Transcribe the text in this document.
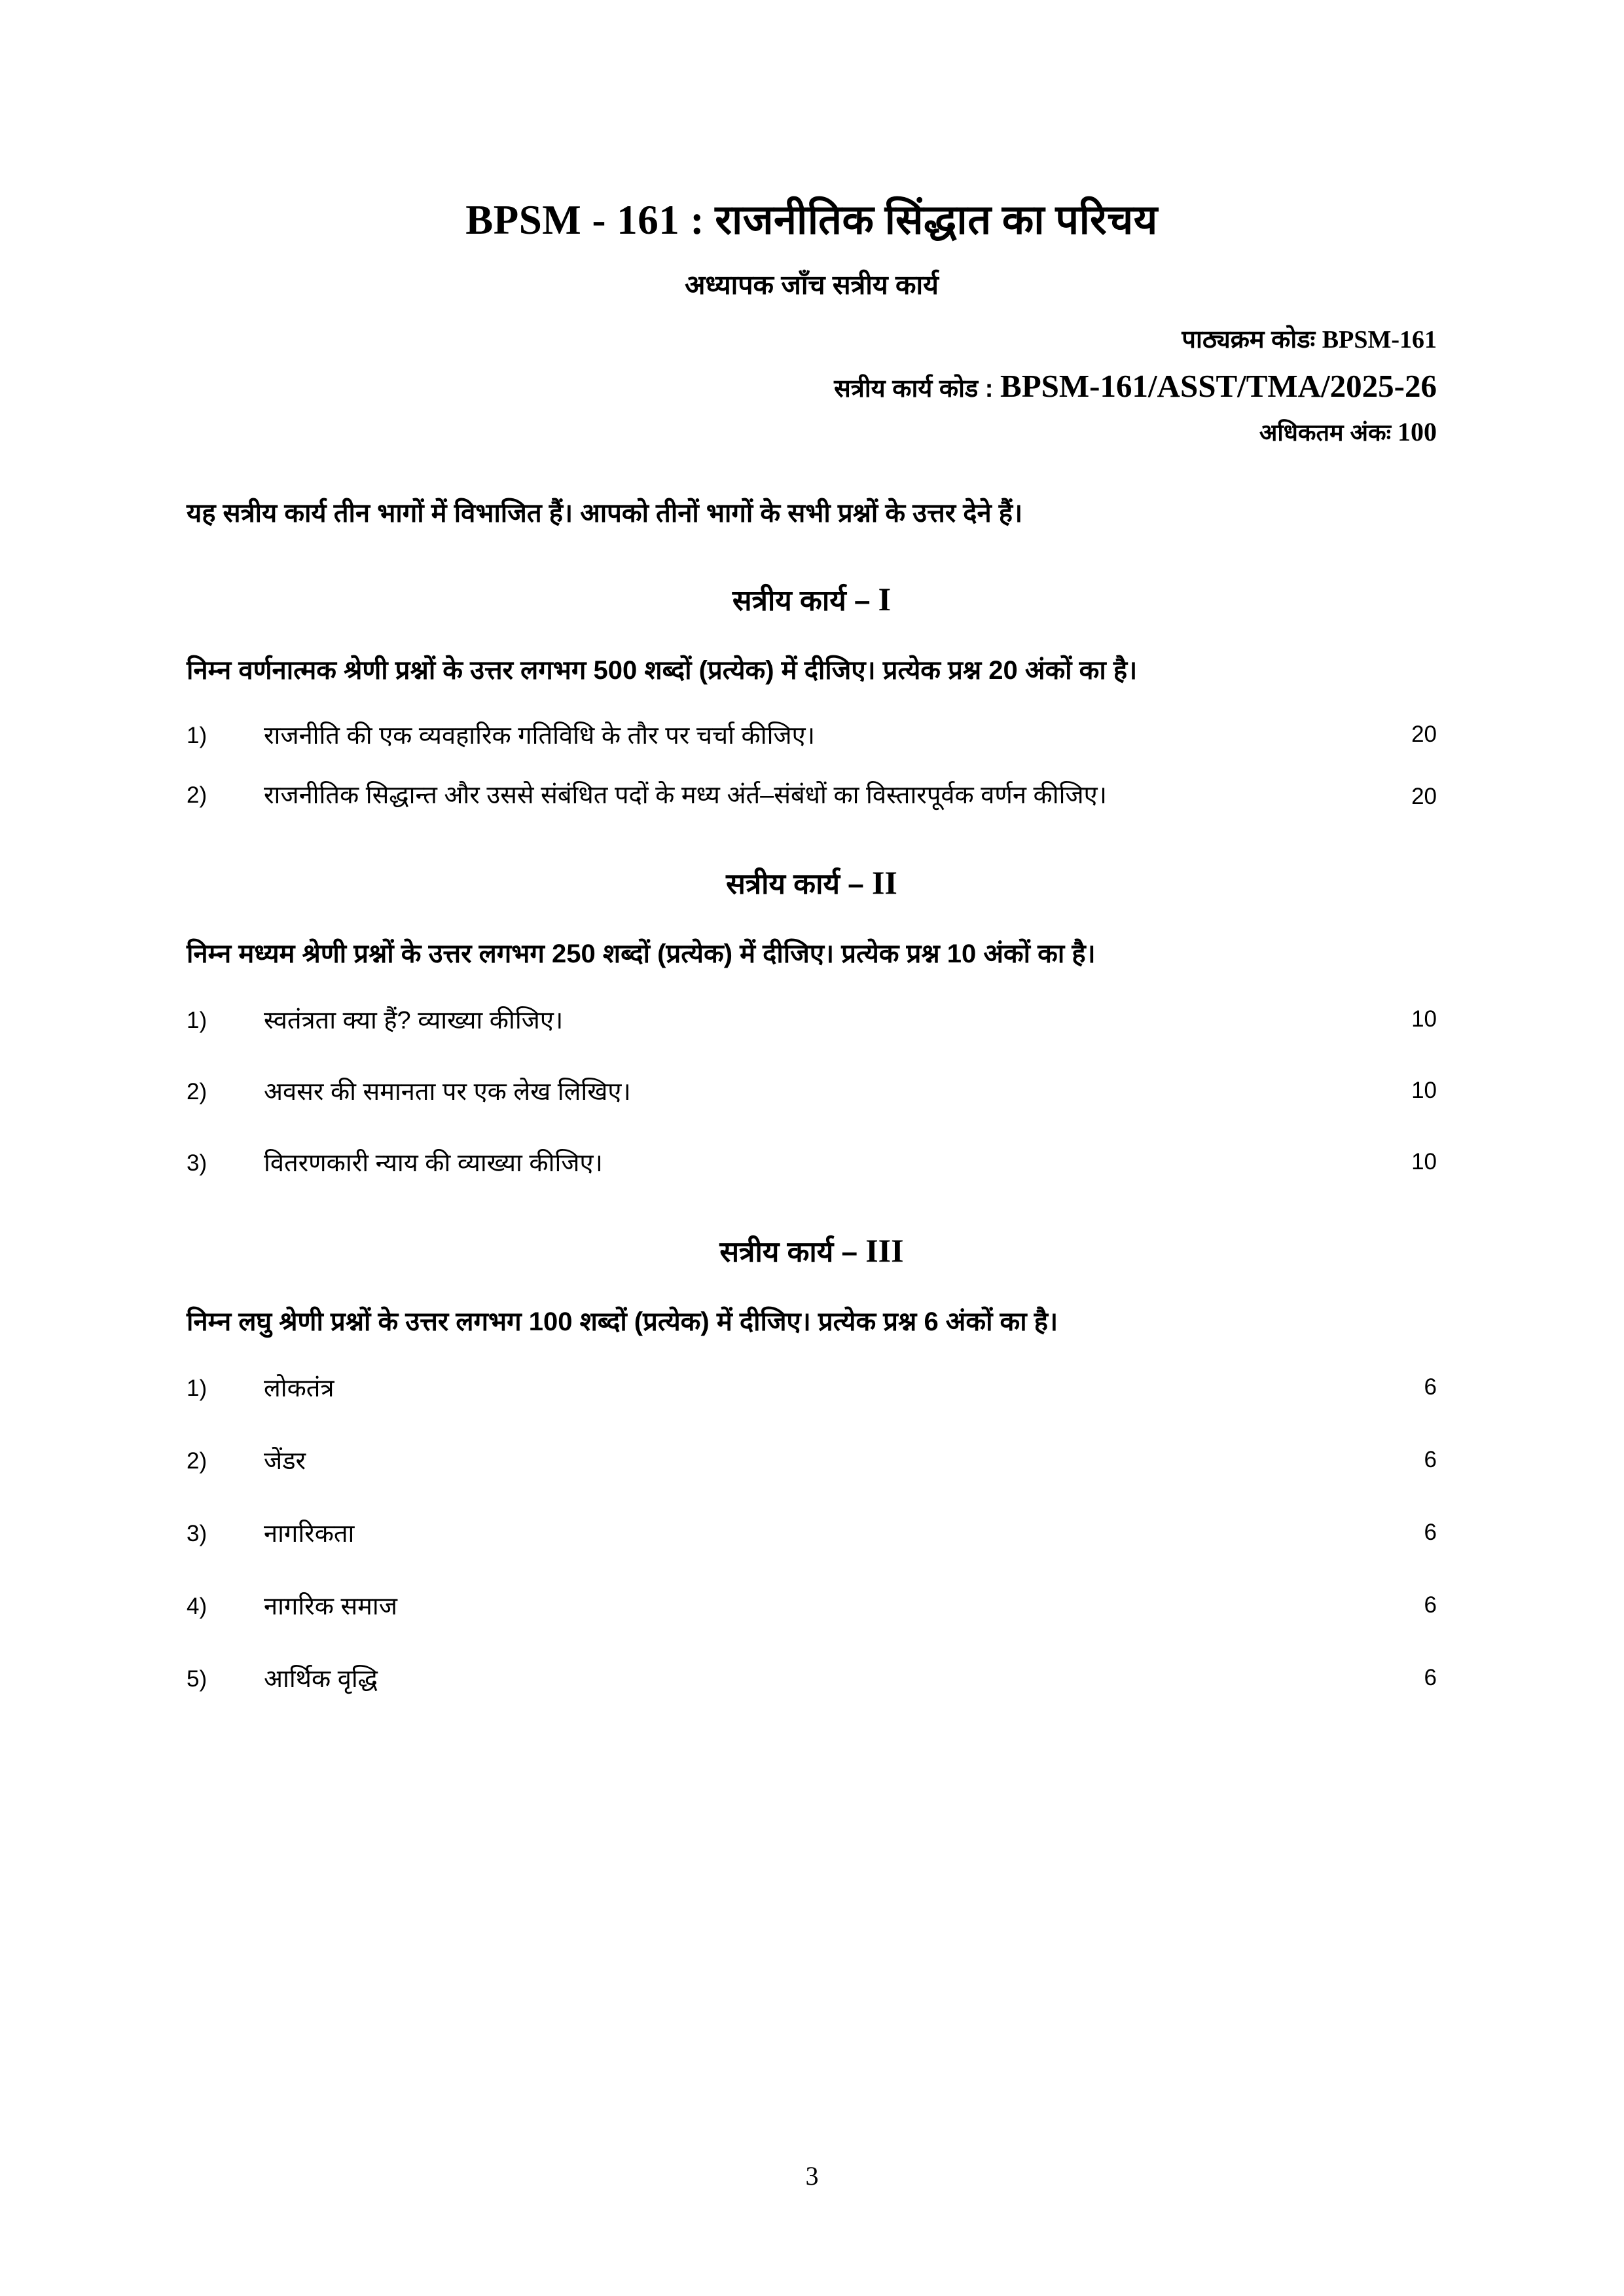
BPSM - 161 : राजनीतिक सिंद्धात का परिचय
अध्यापक जाँच सत्रीय कार्य
पाठ्यक्रम कोडः BPSM-161
सत्रीय कार्य कोड : BPSM-161/ASST/TMA/2025-26
अधिकतम अंकः 100
यह सत्रीय कार्य तीन भागों में विभाजित हैं। आपको तीनों भागों के सभी प्रश्नों के उत्तर देने हैं।
सत्रीय कार्य – I
निम्न वर्णनात्मक श्रेणी प्रश्नों के उत्तर लगभग 500 शब्दों (प्रत्येक) में दीजिए। प्रत्येक प्रश्न 20 अंकों का है।
1)	राजनीति की एक व्यवहारिक गतिविधि के तौर पर चर्चा कीजिए।	20
2)	राजनीतिक सिद्धान्त और उससे संबंधित पदों के मध्य अंर्त–संबंधों का विस्तारपूर्वक वर्णन कीजिए।	20
सत्रीय कार्य – II
निम्न मध्यम श्रेणी प्रश्नों के उत्तर लगभग 250 शब्दों (प्रत्येक) में दीजिए। प्रत्येक प्रश्न 10 अंकों का है।
1)	स्वतंत्रता क्या हैं? व्याख्या कीजिए।	10
2)	अवसर की समानता पर एक लेख लिखिए।	10
3)	वितरणकारी न्याय की व्याख्या कीजिए।	10
सत्रीय कार्य – III
निम्न लघु श्रेणी प्रश्नों के उत्तर लगभग 100 शब्दों (प्रत्येक) में दीजिए। प्रत्येक प्रश्न 6 अंकों का है।
1)	लोकतंत्र	6
2)	जेंडर	6
3)	नागरिकता	6
4)	नागरिक समाज	6
5)	आर्थिक वृद्धि	6
3
